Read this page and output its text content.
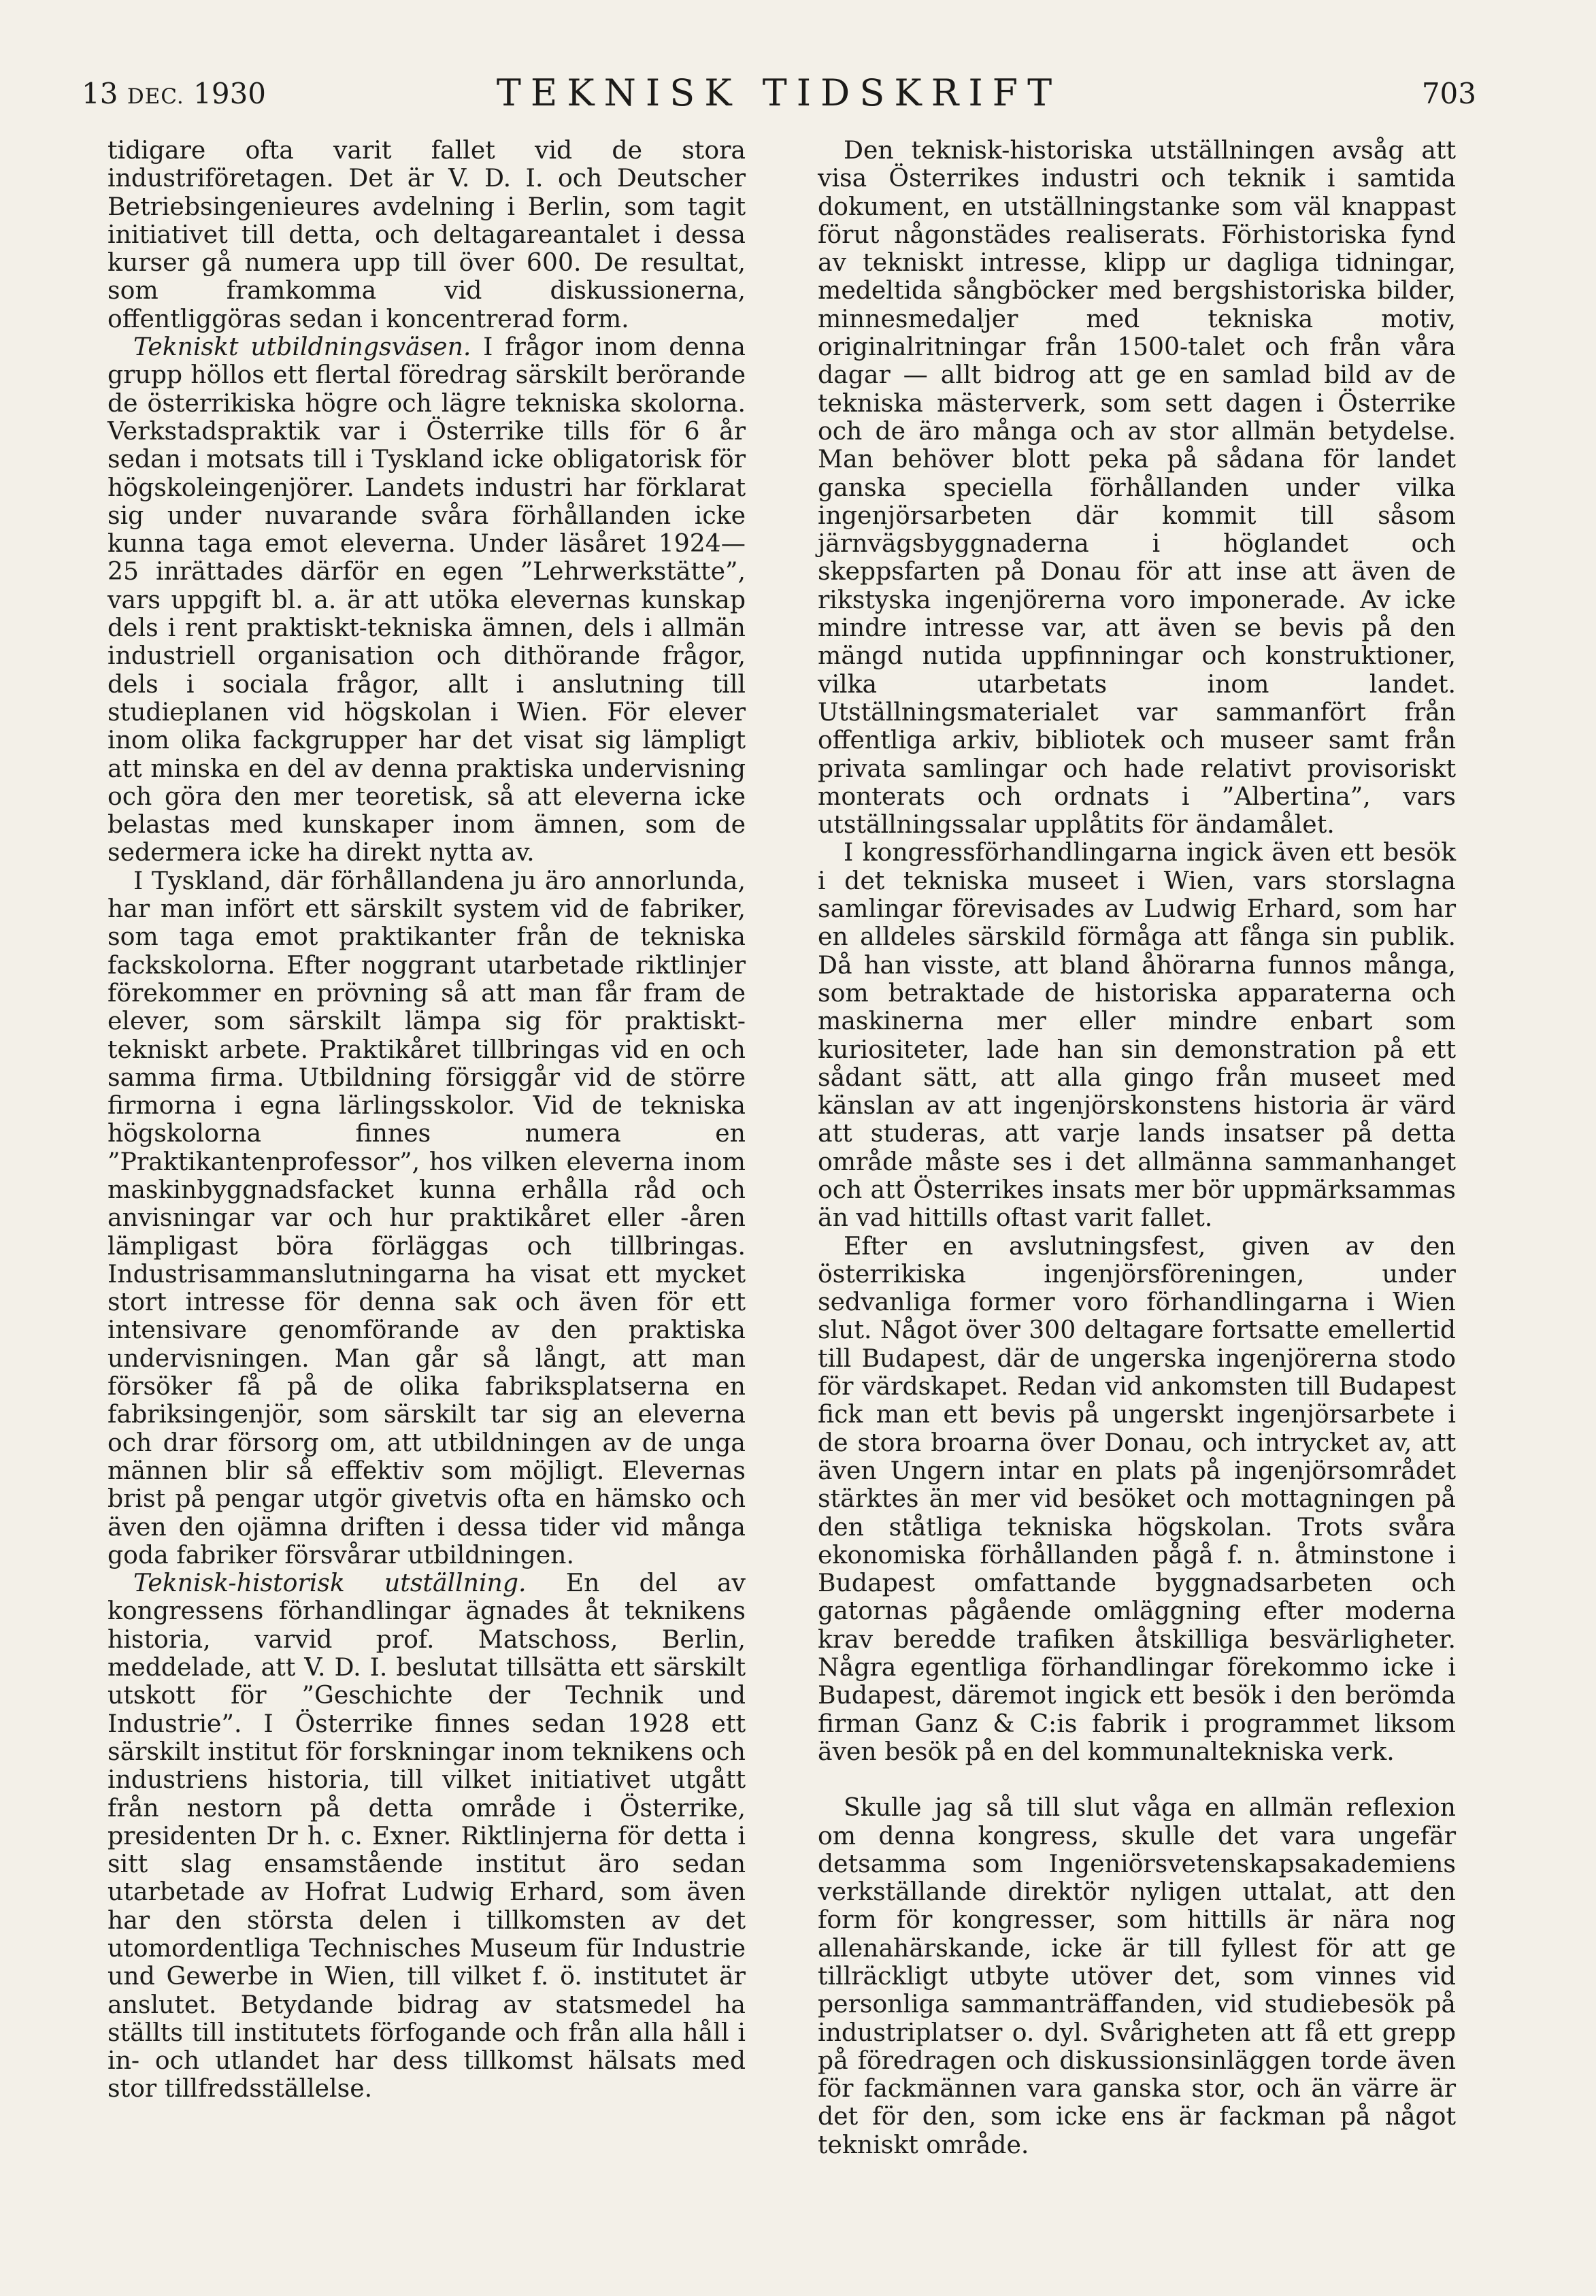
13 DEC. 1930	TEKNISK TIDSKRIFT	703

tidigare ofta varit fallet vid de stora industriföretagen. Det är V. D. I. och Deutscher Betriebsingenieures avdelning i Berlin, som tagit initiativet till detta, och deltagareantalet i dessa kurser gå numera upp till över 600. De resultat, som framkomma vid diskussionerna, offentliggöras sedan i koncentrerad form.

Tekniskt utbildningsväsen. I frågor inom denna grupp höllos ett flertal föredrag särskilt berörande de österrikiska högre och lägre tekniska skolorna. Verkstadspraktik var i Österrike tills för 6 år sedan i motsats till i Tyskland icke obligatorisk för högskoleingenjörer. Landets industri har förklarat sig under nuvarande svåra förhållanden icke kunna taga emot eleverna. Under läsåret 1924—25 inrättades därför en egen ”Lehrwerkstätte”, vars uppgift bl. a. är att utöka elevernas kunskap dels i rent praktiskt-tekniska ämnen, dels i allmän industriell organisation och dithörande frågor, dels i sociala frågor, allt i anslutning till studieplanen vid högskolan i Wien. För elever inom olika fackgrupper har det visat sig lämpligt att minska en del av denna praktiska undervisning och göra den mer teoretisk, så att eleverna icke belastas med kunskaper inom ämnen, som de sedermera icke ha direkt nytta av.

I Tyskland, där förhållandena ju äro annorlunda, har man infört ett särskilt system vid de fabriker, som taga emot praktikanter från de tekniska fackskolorna. Efter noggrant utarbetade riktlinjer förekommer en prövning så att man får fram de elever, som särskilt lämpa sig för praktiskt-tekniskt arbete. Praktikåret tillbringas vid en och samma firma. Utbildning försiggår vid de större firmorna i egna lärlingsskolor. Vid de tekniska högskolorna finnes numera en ”Praktikantenprofessor”, hos vilken eleverna inom maskinbyggnadsfacket kunna erhålla råd och anvisningar var och hur praktikåret eller -åren lämpligast böra förläggas och tillbringas. Industrisammanslutningarna ha visat ett mycket stort intresse för denna sak och även för ett intensivare genomförande av den praktiska undervisningen. Man går så långt, att man försöker få på de olika fabriksplatserna en fabriksingenjör, som särskilt tar sig an eleverna och drar försorg om, att utbildningen av de unga männen blir så effektiv som möjligt. Elevernas brist på pengar utgör givetvis ofta en hämsko och även den ojämna driften i dessa tider vid många goda fabriker försvårar utbildningen.

Teknisk-historisk utställning. En del av kongressens förhandlingar ägnades åt teknikens historia, varvid prof. Matschoss, Berlin, meddelade, att V. D. I. beslutat tillsätta ett särskilt utskott för ”Geschichte der Technik und Industrie”. I Österrike finnes sedan 1928 ett särskilt institut för forskningar inom teknikens och industriens historia, till vilket initiativet utgått från nestorn på detta område i Österrike, presidenten Dr h. c. Exner. Riktlinjerna för detta i sitt slag ensamstående institut äro sedan utarbetade av Hofrat Ludwig Erhard, som även har den största delen i tillkomsten av det utomordentliga Technisches Museum für Industrie und Gewerbe in Wien, till vilket f. ö. institutet är anslutet. Betydande bidrag av statsmedel ha ställts till institutets förfogande och från alla håll i in- och utlandet har dess tillkomst hälsats med stor tillfredsställelse.

Den teknisk-historiska utställningen avsåg att visa Österrikes industri och teknik i samtida dokument, en utställningstanke som väl knappast förut någonstädes realiserats. Förhistoriska fynd av tekniskt intresse, klipp ur dagliga tidningar, medeltida sångböcker med bergshistoriska bilder, minnesmedaljer med tekniska motiv, originalritningar från 1500-talet och från våra dagar — allt bidrog att ge en samlad bild av de tekniska mästerverk, som sett dagen i Österrike och de äro många och av stor allmän betydelse. Man behöver blott peka på sådana för landet ganska speciella förhållanden under vilka ingenjörsarbeten där kommit till såsom järnvägsbyggnaderna i höglandet och skeppsfarten på Donau för att inse att även de rikstyska ingenjörerna voro imponerade. Av icke mindre intresse var, att även se bevis på den mängd nutida uppfinningar och konstruktioner, vilka utarbetats inom landet. Utställningsmaterialet var sammanfört från offentliga arkiv, bibliotek och museer samt från privata samlingar och hade relativt provisoriskt monterats och ordnats i ”Albertina”, vars utställningssalar upplåtits för ändamålet.

I kongressförhandlingarna ingick även ett besök i det tekniska museet i Wien, vars storslagna samlingar förevisades av Ludwig Erhard, som har en alldeles särskild förmåga att fånga sin publik. Då han visste, att bland åhörarna funnos många, som betraktade de historiska apparaterna och maskinerna mer eller mindre enbart som kuriositeter, lade han sin demonstration på ett sådant sätt, att alla gingo från museet med känslan av att ingenjörskonstens historia är värd att studeras, att varje lands insatser på detta område måste ses i det allmänna sammanhanget och att Österrikes insats mer bör uppmärksammas än vad hittills oftast varit fallet.

Efter en avslutningsfest, given av den österrikiska ingenjörsföreningen, under sedvanliga former voro förhandlingarna i Wien slut. Något över 300 deltagare fortsatte emellertid till Budapest, där de ungerska ingenjörerna stodo för värdskapet. Redan vid ankomsten till Budapest fick man ett bevis på ungerskt ingenjörsarbete i de stora broarna över Donau, och intrycket av, att även Ungern intar en plats på ingenjörsområdet stärktes än mer vid besöket och mottagningen på den ståtliga tekniska högskolan. Trots svåra ekonomiska förhållanden pågå f. n. åtminstone i Budapest omfattande byggnadsarbeten och gatornas pågående omläggning efter moderna krav beredde trafiken åtskilliga besvärligheter. Några egentliga förhandlingar förekommo icke i Budapest, däremot ingick ett besök i den berömda firman Ganz & C:is fabrik i programmet liksom även besök på en del kommunaltekniska verk.

Skulle jag så till slut våga en allmän reflexion om denna kongress, skulle det vara ungefär detsamma som Ingeniörsvetenskapsakademiens verkställande direktör nyligen uttalat, att den form för kongresser, som hittills är nära nog allenahärskande, icke är till fyllest för att ge tillräckligt utbyte utöver det, som vinnes vid personliga sammanträffanden, vid studiebesök på industriplatser o. dyl. Svårigheten att få ett grepp på föredragen och diskussionsinläggen torde även för fackmännen vara ganska stor, och än värre är det för den, som icke ens är fackman på något tekniskt område.
